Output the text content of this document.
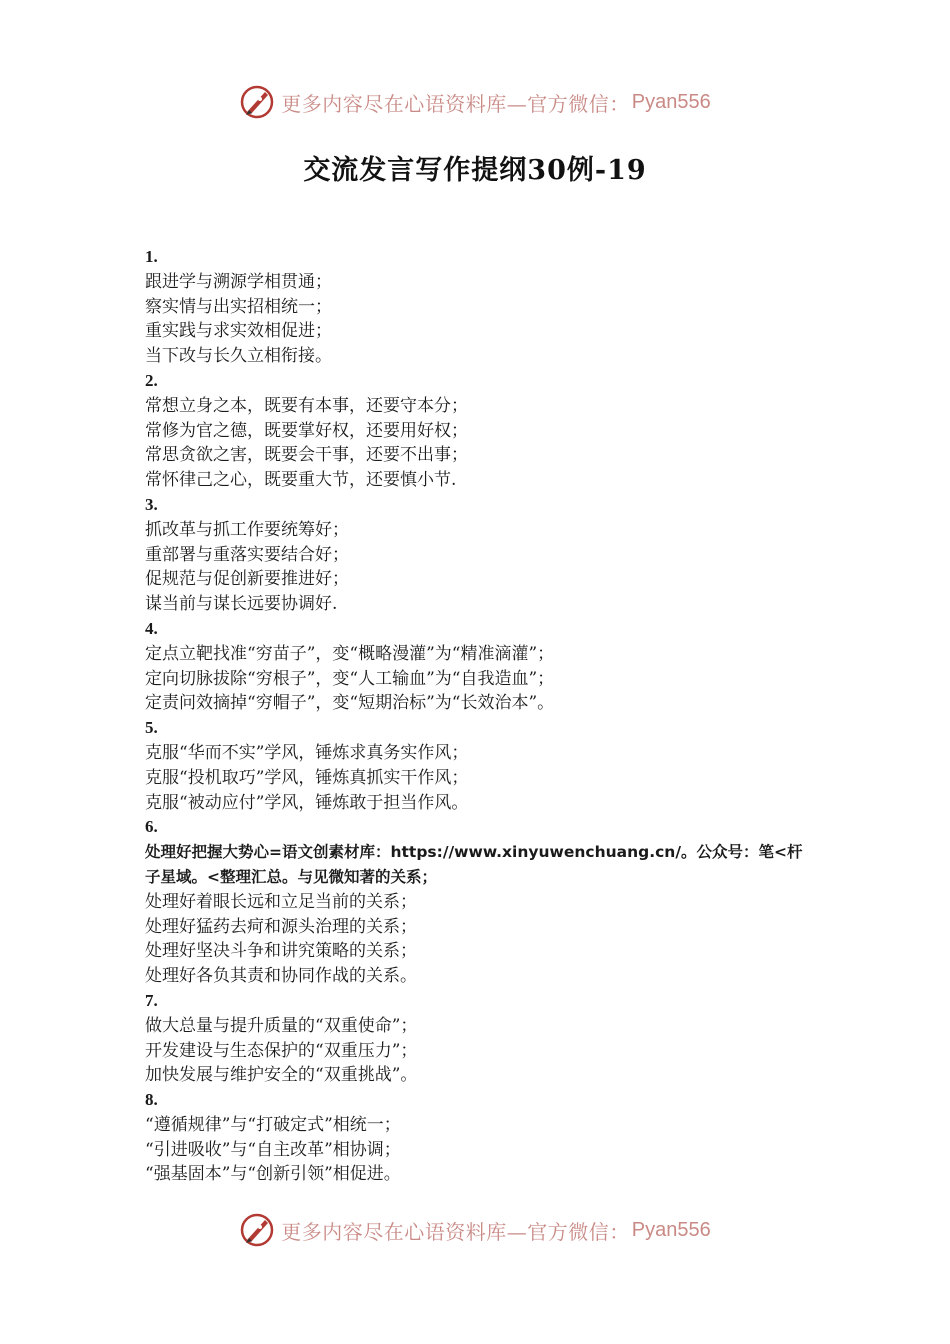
更多内容尽在心语资料库—官方微信： Pyan556
交流发言写作提纲30例-19
1.
跟进学与溯源学相贯通；
察实情与出实招相统一；
重实践与求实效相促进；
当下改与长久立相衔接。
2.
常想立身之本，既要有本事，还要守本分；
常修为官之德，既要掌好权，还要用好权；
常思贪欲之害，既要会干事，还要不出事；
常怀律己之心，既要重大节，还要慎小节.
3.
抓改革与抓工作要统筹好；
重部署与重落实要结合好；
促规范与促创新要推进好；
谋当前与谋长远要协调好.
4.
定点立靶找准“穷苗子”，变“概略漫灌”为“精准滴灌”；
定向切脉拔除“穷根子”，变“人工输血”为“自我造血”；
定责问效摘掉“穷帽子”，变“短期治标”为“长效治本”。
5.
克服“华而不实”学风，锤炼求真务实作风；
克服“投机取巧”学风，锤炼真抓实干作风；
克服“被动应付”学风，锤炼敢于担当作风。
6.
处理好把握大势心=语文创素材库：https://www.xinyuwenchuang.cn/。公众号：笔<杆子星域。<整理汇总。与见微知著的关系；
处理好着眼长远和立足当前的关系；
处理好猛药去疴和源头治理的关系；
处理好坚决斗争和讲究策略的关系；
处理好各负其责和协同作战的关系。
7.
做大总量与提升质量的“双重使命”；
开发建设与生态保护的“双重压力”；
加快发展与维护安全的“双重挑战”。
8.
“遵循规律”与“打破定式”相统一；
“引进吸收”与“自主改革”相协调；
“强基固本”与“创新引领”相促进。
更多内容尽在心语资料库—官方微信： Pyan556
